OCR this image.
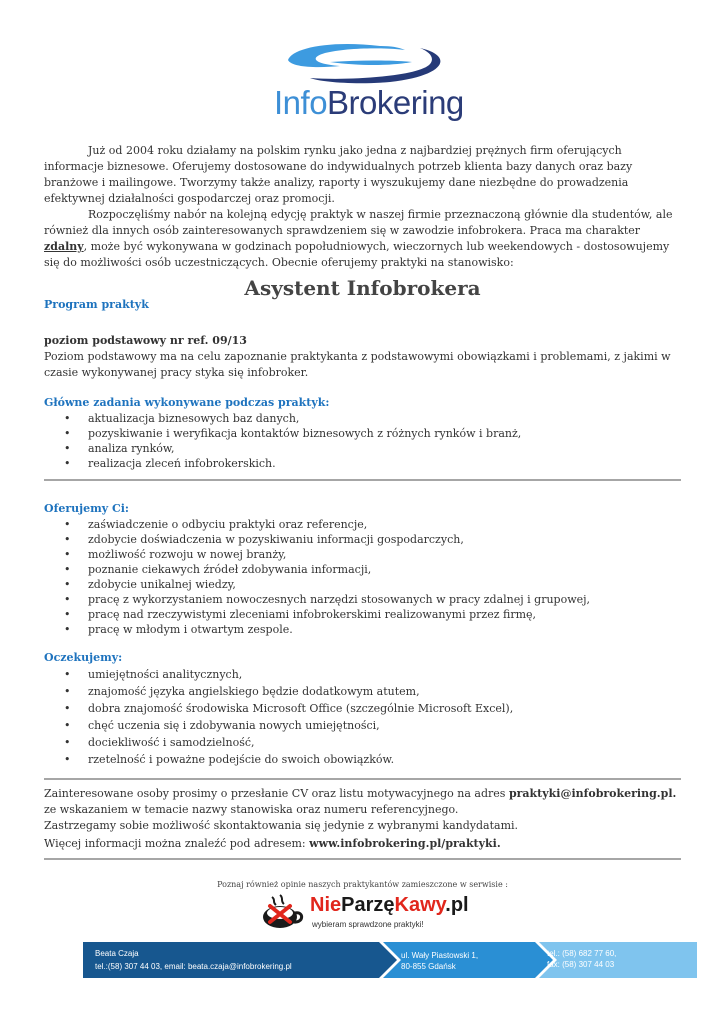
InfoBrokering

Już od 2004 roku działamy na polskim rynku jako jedna z najbardziej prężnych firm oferujących informacje biznesowe. Oferujemy dostosowane do indywidualnych potrzeb klienta bazy danych oraz bazy branżowe i mailingowe. Tworzymy także analizy, raporty i wyszukujemy dane niezbędne do prowadzenia efektywnej działalności gospodarczej oraz promocji.

Rozpoczęliśmy nabór na kolejną edycję praktyk w naszej firmie przeznaczoną głównie dla studentów, ale również dla innych osób zainteresowanych sprawdzeniem się w zawodzie infobrokera. Praca ma charakter zdalny, może być wykonywana w godzinach popołudniowych, wieczornych lub weekendowych - dostosowujemy się do możliwości osób uczestniczących. Obecnie oferujemy praktyki na stanowisko:

Asystent Infobrokera
Program praktyk

poziom podstawowy nr ref. 09/13

Poziom podstawowy ma na celu zapoznanie praktykanta z podstawowymi obowiązkami i problemami, z jakimi w czasie wykonywanej pracy styka się infobroker.

Główne zadania wykonywane podczas praktyk:

• aktualizacja biznesowych baz danych,
• pozyskiwanie i weryfikacja kontaktów biznesowych z różnych rynków i branż,
• analiza rynków,
• realizacja zleceń infobrokerskich.

Oferujemy Ci:

• zaświadczenie o odbyciu praktyki oraz referencje,
• zdobycie doświadczenia w pozyskiwaniu informacji gospodarczych,
• możliwość rozwoju w nowej branży,
• poznanie ciekawych źródeł zdobywania informacji,
• zdobycie unikalnej wiedzy,
• pracę z wykorzystaniem nowoczesnych narzędzi stosowanych w pracy zdalnej i grupowej,
• pracę nad rzeczywistymi zleceniami infobrokerskimi realizowanymi przez firmę,
• pracę w młodym i otwartym zespole.

Oczekujemy:

• umiejętności analitycznych,
• znajomość języka angielskiego będzie dodatkowym atutem,
• dobra znajomość środowiska Microsoft Office (szczególnie Microsoft Excel),
• chęć uczenia się i zdobywania nowych umiejętności,
• dociekliwość i samodzielność,
• rzetelność i poważne podejście do swoich obowiązków.

Zainteresowane osoby prosimy o przesłanie CV oraz listu motywacyjnego na adres praktyki@infobrokering.pl. ze wskazaniem w temacie nazwy stanowiska oraz numeru referencyjnego.

Zastrzegamy sobie możliwość skontaktowania się jedynie z wybranymi kandydatami.

Więcej informacji można znaleźć pod adresem: www.infobrokering.pl/praktyki.

Poznaj również opinie naszych praktykantów zamieszczone w serwisie :
NieParzęKawy.pl
wybieram sprawdzone praktyki!
Beata Czaja
tel.:(58) 307 44 03, email: beata.czaja@infobrokering.pl
ul. Wały Piastowski 1,
80-855 Gdańsk
tel.: (58) 682 77 60,
fax: (58) 307 44 03
